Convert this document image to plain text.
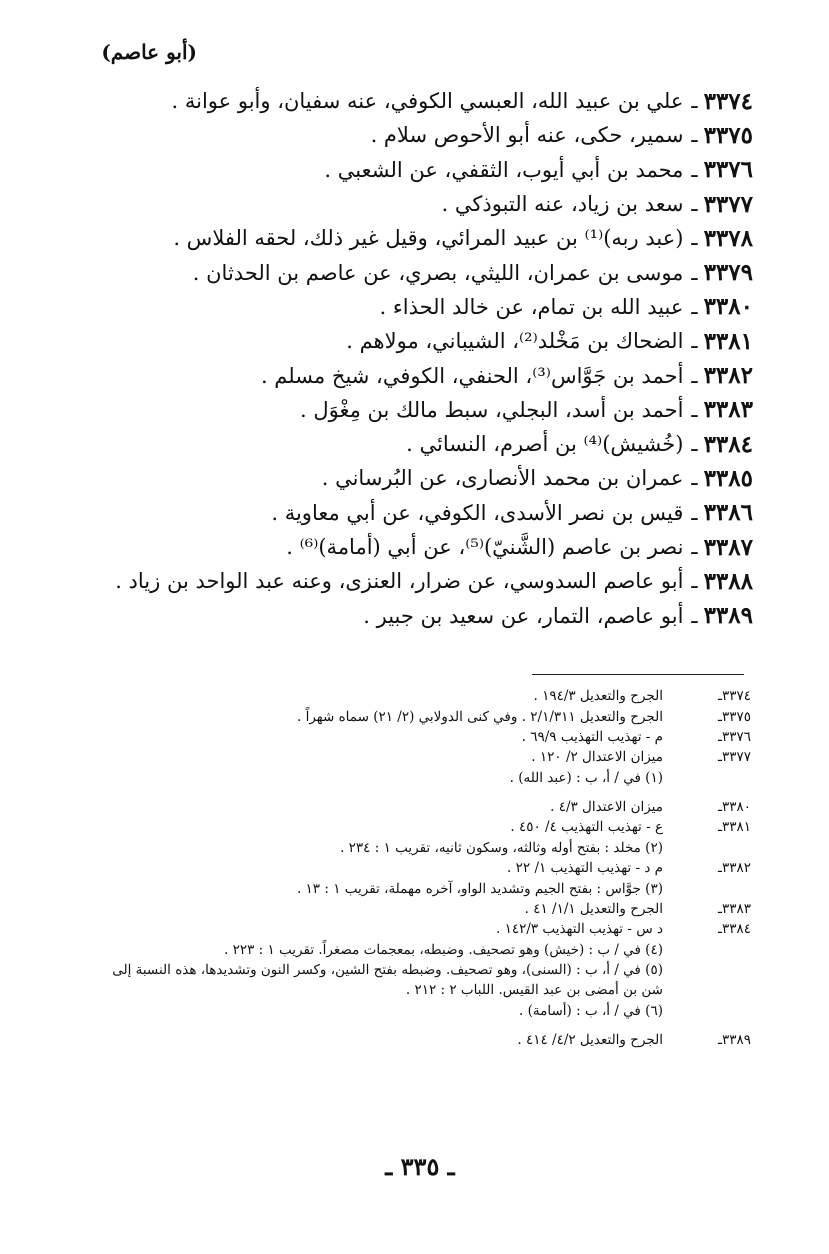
(أبو عاصم)
٣٣٧٤
ـ
علي بن عبيد الله، العبسي الكوفي، عنه سفيان، وأبو عوانة .
٣٣٧٥
ـ
سمير، حكى، عنه أبو الأحوص سلام .
٣٣٧٦
ـ
محمد بن أبي أيوب، الثقفي، عن الشعبي .
٣٣٧٧
ـ
سعد بن زياد، عنه التبوذكي .
٣٣٧٨
ـ
(عبد ربه)⁽¹⁾ بن عبيد المرائي، وقيل غير ذلك، لحقه الفلاس .
٣٣٧٩
ـ
موسى بن عمران، الليثي، بصري، عن عاصم بن الحدثان .
٣٣٨٠
ـ
عبيد الله بن تمام، عن خالد الحذاء .
٣٣٨١
ـ
الضحاك بن مَخْلد⁽²⁾، الشيباني، مولاهم .
٣٣٨٢
ـ
أحمد بن جَوَّاس⁽³⁾، الحنفي، الكوفي، شيخ مسلم .
٣٣٨٣
ـ
أحمد بن أسد، البجلي، سبط مالك بن مِغْوَل .
٣٣٨٤
ـ
(خُشيش)⁽⁴⁾ بن أصرم، النسائي .
٣٣٨٥
ـ
عمران بن محمد الأنصارى، عن البُرساني .
٣٣٨٦
ـ
قيس بن نصر الأسدى، الكوفي، عن أبي معاوية .
٣٣٨٧
ـ
نصر بن عاصم (الشَّنيّ)⁽⁵⁾، عن أبي (أمامة)⁽⁶⁾ .
٣٣٨٨
ـ
أبو عاصم السدوسي، عن ضرار، العنزى، وعنه عبد الواحد بن زياد .
٣٣٨٩
ـ
أبو عاصم، التمار، عن سعيد بن جبير .
٣٣٧٤ـ
الجرح والتعديل ١٩٤/٣ .
٣٣٧٥ـ
الجرح والتعديل ٢/١/٣١١ . وفي كنى الدولابي (٢/ ٢١) سماه شهراً .
٣٣٧٦ـ
م - تهذيب التهذيب ٦٩/٩ .
٣٣٧٧ـ
ميزان الاعتدال ٢/ ١٢٠ .
(١) في / أ، ب : (عبد الله) .
٣٣٨٠ـ
ميزان الاعتدال ٤/٣ .
٣٣٨١ـ
ع - تهذيب التهذيب ٤/ ٤٥٠ .
(٢) مخلد : بفتح أوله وثالثه، وسكون ثانيه، تقريب ١ : ٢٣٤ .
٣٣٨٢ـ
م د - تهذيب التهذيب ١/ ٢٢ .
(٣) جوَّاس : بفتح الجيم وتشديد الواو، آخره مهملة، تقريب ١ : ١٣ .
٣٣٨٣ـ
الجرح والتعديل ١/١/ ٤١ .
٣٣٨٤ـ
د س - تهذيب التهذيب ١٤٢/٣ .
(٤) في / ب : (خيش) وهو تصحيف. وضبطه، بمعجمات مصغراً. تقريب ١ : ٢٢٣ .
(٥) في / أ، ب : (السنى)، وهو تصحيف. وضبطه بفتح الشين، وكسر النون وتشديدها، هذه النسبة إلى
شن بن أمضى بن عبد القيس. اللباب ٢ : ٢١٢ .
(٦) في / أ، ب : (أسامة) .
٣٣٨٩ـ
الجرح والتعديل ٤/٢/ ٤١٤ .
ـ ٣٣٥ ـ
